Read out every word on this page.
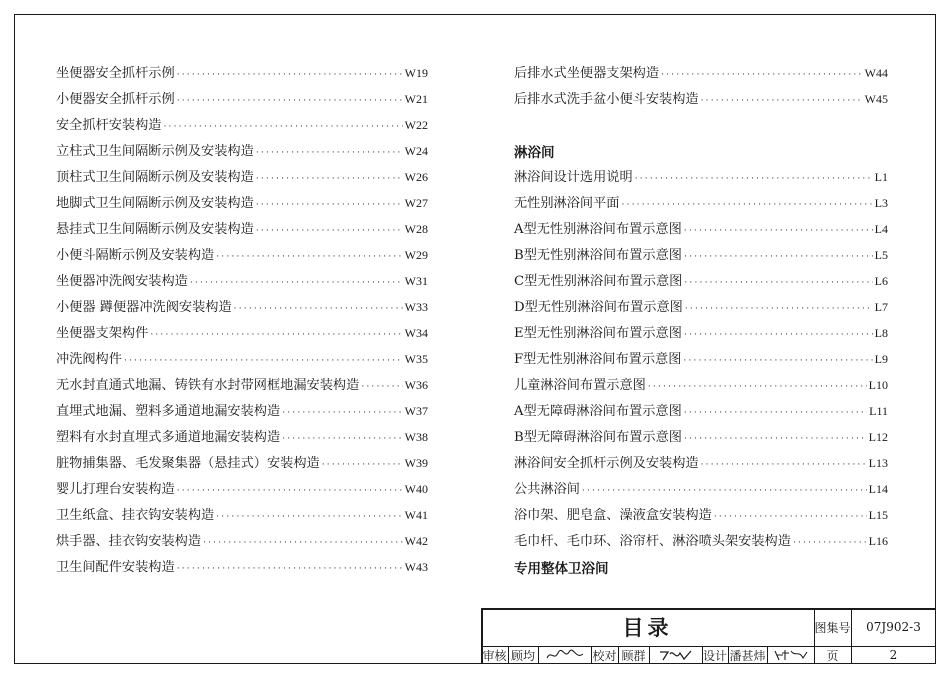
坐便器安全抓杆示例 ·····	W19
小便器安全抓杆示例 ·····	W21
安全抓杆安装构造 ·····	W22
立柱式卫生间隔断示例及安装构造 ·····	W24
顶柱式卫生间隔断示例及安装构造 ·····	W26
地脚式卫生间隔断示例及安装构造 ·····	W27
悬挂式卫生间隔断示例及安装构造 ·····	W28
小便斗隔断示例及安装构造 ·····	W29
坐便器冲洗阀安装构造 ·····	W31
小便器 蹲便器冲洗阀安装构造 ·····	W33
坐便器支架构件 ·····	W34
冲洗阀构件 ·····	W35
无水封直通式地漏、铸铁有水封带网框地漏安装构造 ·····	W36
直埋式地漏、塑料多通道地漏安装构造 ·····	W37
塑料有水封直埋式多通道地漏安装构造 ·····	W38
脏物捕集器、毛发聚集器（悬挂式）安装构造 ·····	W39
婴儿打理台安装构造 ·····	W40
卫生纸盒、挂衣钩安装构造 ·····	W41
烘手器、挂衣钩安装构造 ·····	W42
卫生间配件安装构造 ·····	W43
后排水式坐便器支架构造 ·····	W44
后排水式洗手盆小便斗安装构造 ·····	W45
淋浴间
淋浴间设计选用说明 ·····	L1
无性别淋浴间平面 ·····	L3
A型无性别淋浴间布置示意图 ·····	L4
B型无性别淋浴间布置示意图 ·····	L5
C型无性别淋浴间布置示意图 ·····	L6
D型无性别淋浴间布置示意图 ·····	L7
E型无性别淋浴间布置示意图 ·····	L8
F型无性别淋浴间布置示意图 ·····	L9
儿童淋浴间布置示意图 ·····	L10
A型无障碍淋浴间布置示意图 ·····	L11
B型无障碍淋浴间布置示意图 ·····	L12
淋浴间安全抓杆示例及安装构造 ·····	L13
公共淋浴间 ·····	L14
浴巾架、肥皂盒、澡液盒安装构造 ·····	L15
毛巾杆、毛巾环、浴帘杆、淋浴喷头架安装构造 ·····	L16
专用整体卫浴间
目录	图集号	07J902-3
审核 顾均	校对 顾群	设计 潘甚炜	页	2
